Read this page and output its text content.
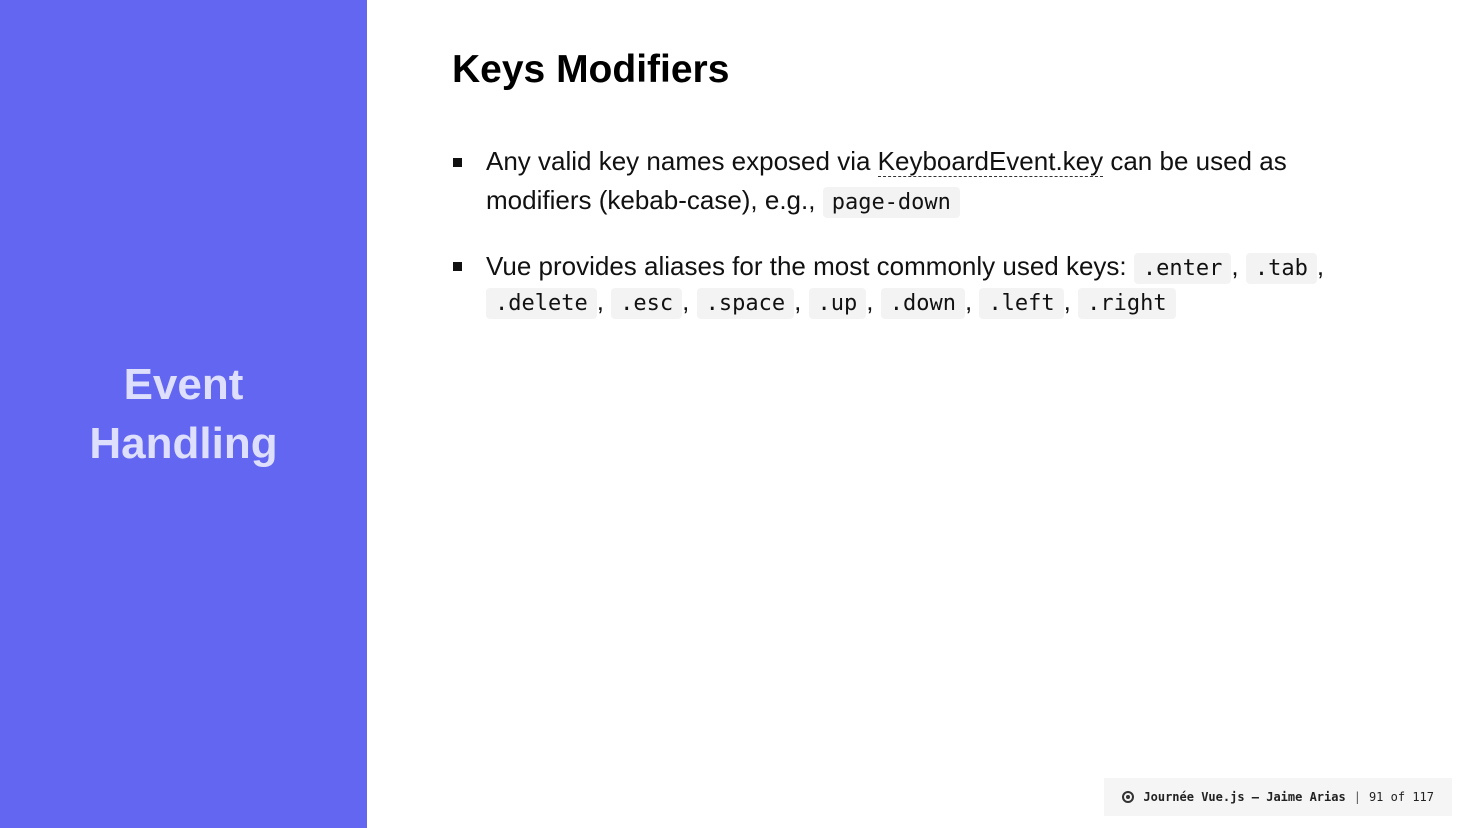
Event
Handling
Keys Modifiers
Any valid key names exposed via KeyboardEvent.key can be used as modifiers (kebab-case), e.g., page-down
Vue provides aliases for the most commonly used keys: .enter , .tab , .delete , .esc , .space , .up , .down , .left , .right
Journée Vue.js – Jaime Arias | 91
of
117
